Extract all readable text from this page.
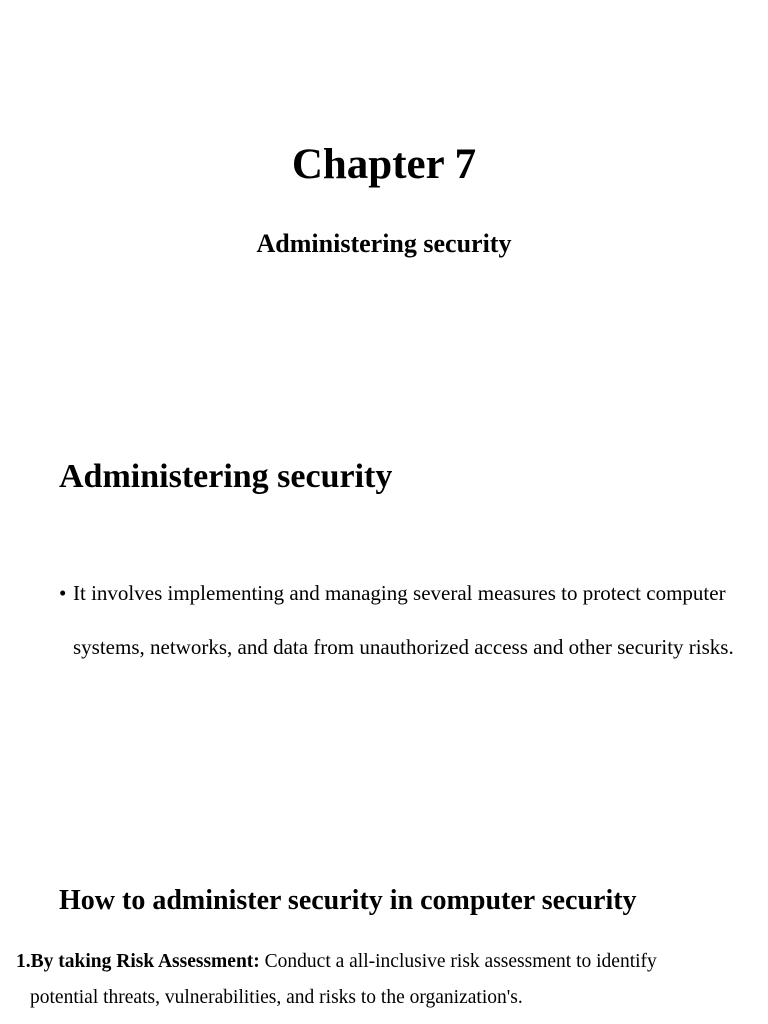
Chapter 7
Administering security
Administering security
• It involves implementing and managing several measures to protect computer systems, networks, and data from unauthorized access and other security risks.
How to administer security in computer security
1.By taking Risk Assessment: Conduct a all-inclusive risk assessment to identify
potential threats, vulnerabilities, and risks to the organization's.
